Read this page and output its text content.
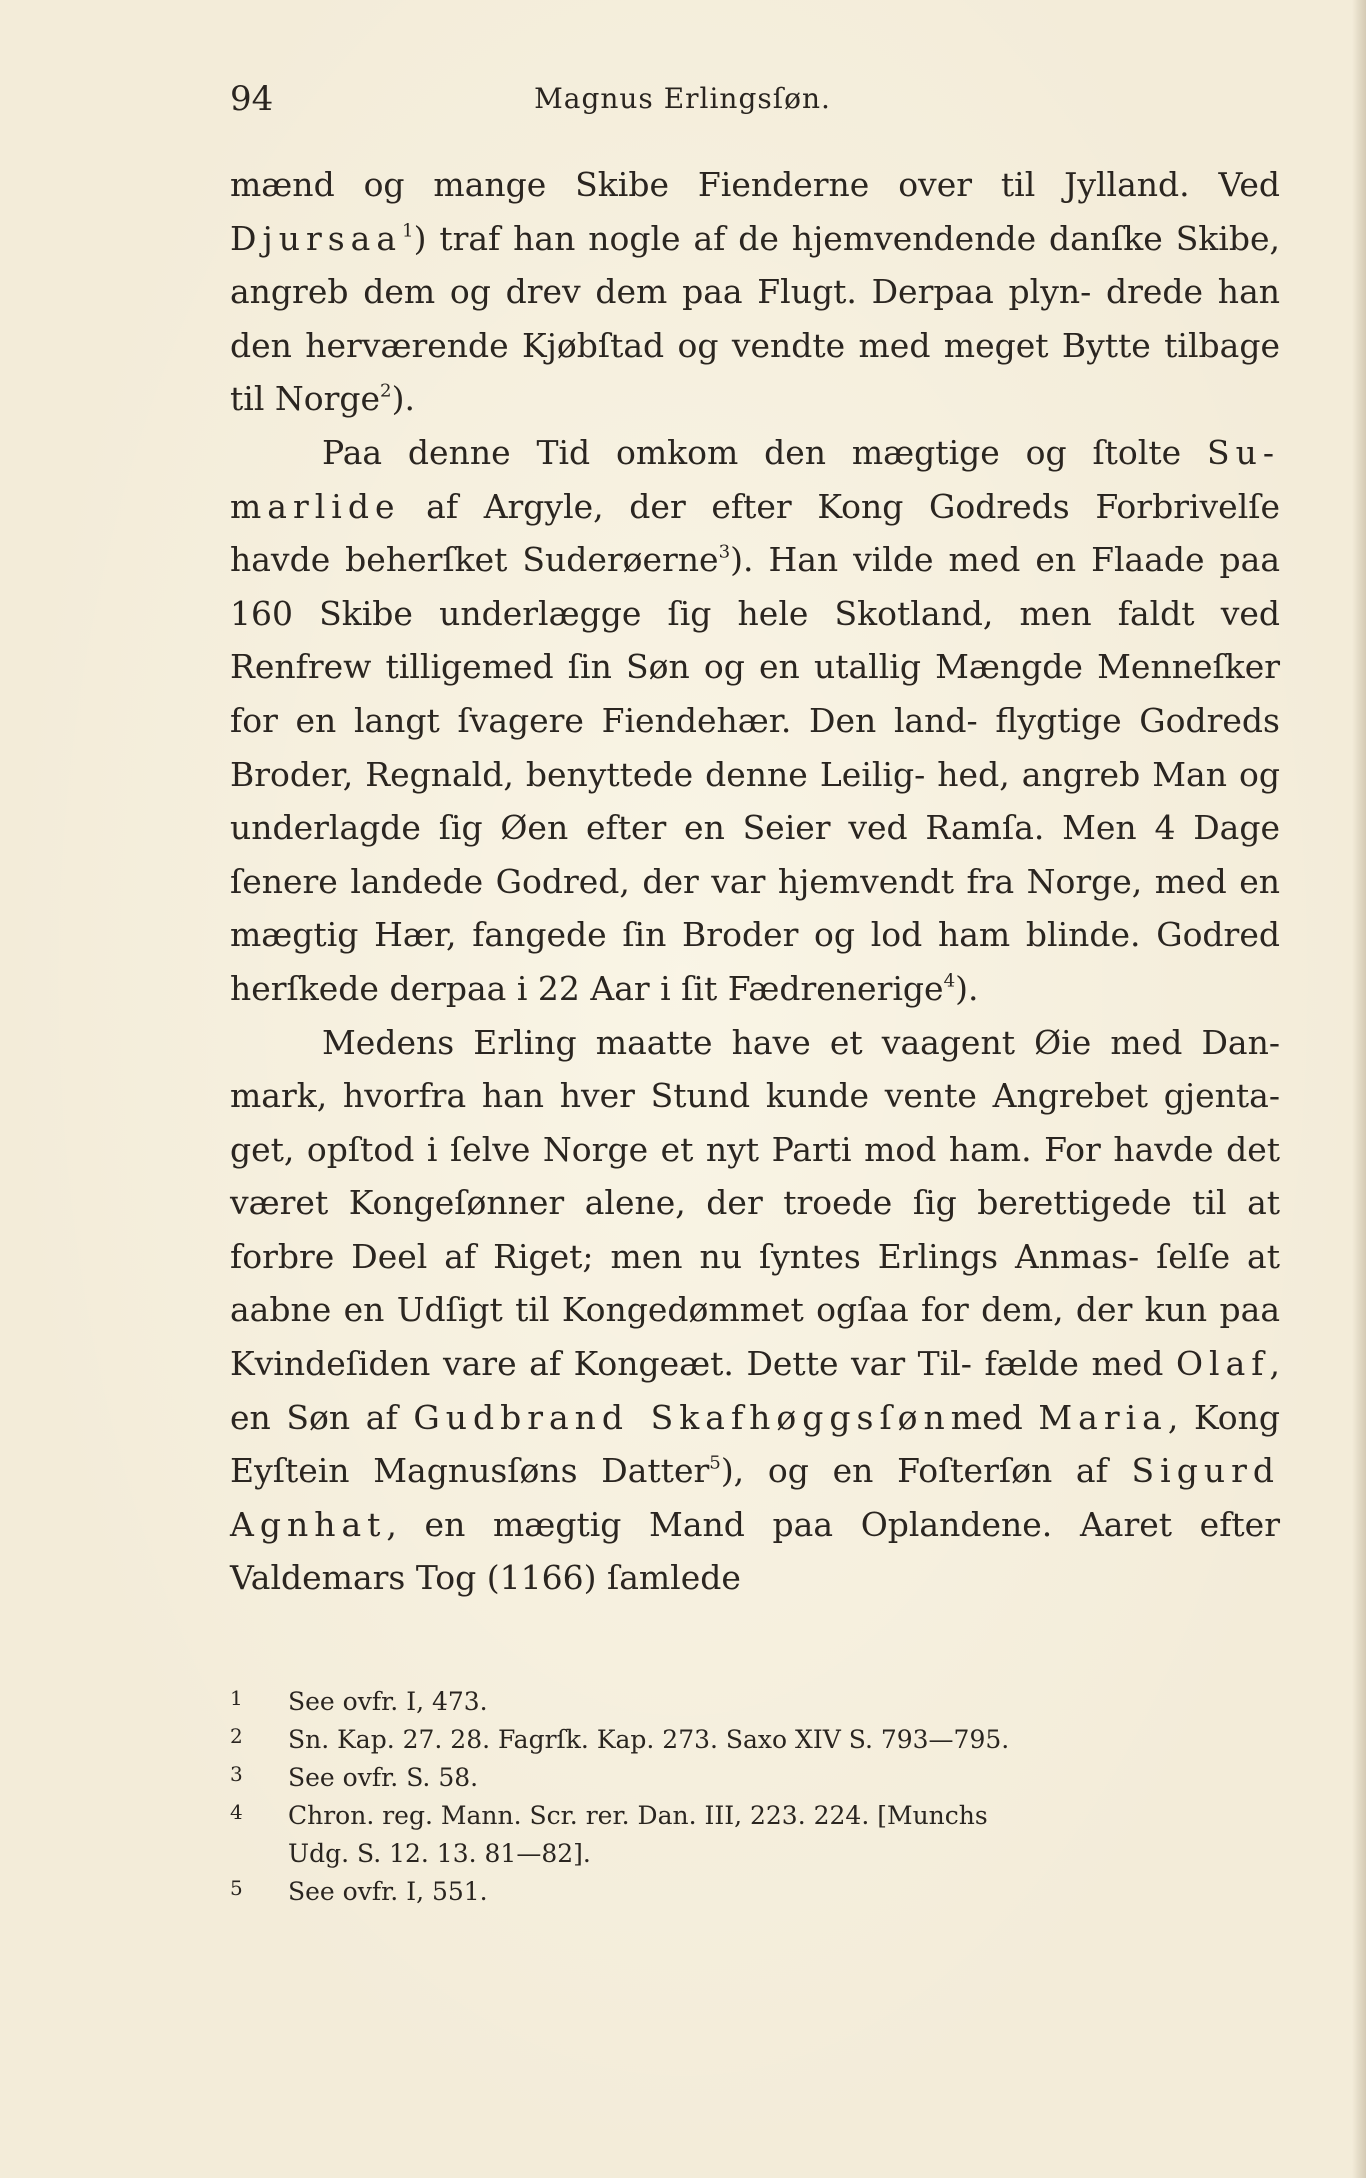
94	Magnus Erlingsſøn.

mænd og mange Skibe Fienderne over til Jylland. Ved Djursaa$^1$) traf han nogle af de hjemvendende danſke Skibe, angreb dem og drev dem paa Flugt. Derpaa plyn- drede han den herværende Kjøbſtad og vendte med meget Bytte tilbage til Norge$^2$).

Paa denne Tid omkom den mægtige og ſtolte Su- marlide af Argyle, der efter Kong Godreds Forbrivelſe havde beherſket Suderøerne$^3$). Han vilde med en Flaade paa 160 Skibe underlægge ſig hele Skotland, men faldt ved Renfrew tilligemed ſin Søn og en utallig Mængde Menneſker for en langt ſvagere Fiendehær. Den land- flygtige Godreds Broder, Regnald, benyttede denne Leilig- hed, angreb Man og underlagde ſig Øen efter en Seier ved Ramſa. Men 4 Dage ſenere landede Godred, der var hjemvendt fra Norge, med en mægtig Hær, fangede ſin Broder og lod ham blinde. Godred herſkede derpaa i 22 Aar i ſit Fædrenerige$^4$).

Medens Erling maatte have et vaagent Øie med Dan- mark, hvorfra han hver Stund kunde vente Angrebet gjenta- get, opſtod i ſelve Norge et nyt Parti mod ham. For havde det været Kongeſønner alene, der troede ſig berettigede til at forbre Deel af Riget; men nu ſyntes Erlings Anmas- ſelſe at aabne en Udſigt til Kongedømmet ogſaa for dem, der kun paa Kvindeſiden vare af Kongeæt. Dette var Til- fælde med Olaf, en Søn af Gudbrand Skafhøggsſønmed Maria, Kong Eyſtein Magnusſøns Datter$^5$), og en Foſterſøn af Sigurd Agnhat, en mægtig Mand paa Oplandene. Aaret efter Valdemars Tog (1166) ſamlede

1 See ovfr. I, 473.
2 Sn. Kap. 27. 28. Fagrſk. Kap. 273. Saxo XIV S. 793—795.
3 See ovfr. S. 58.
4 Chron. reg. Mann. Scr. rer. Dan. III, 223. 224. [Munchs
Udg. S. 12. 13. 81—82].
5 See ovfr. I, 551.
